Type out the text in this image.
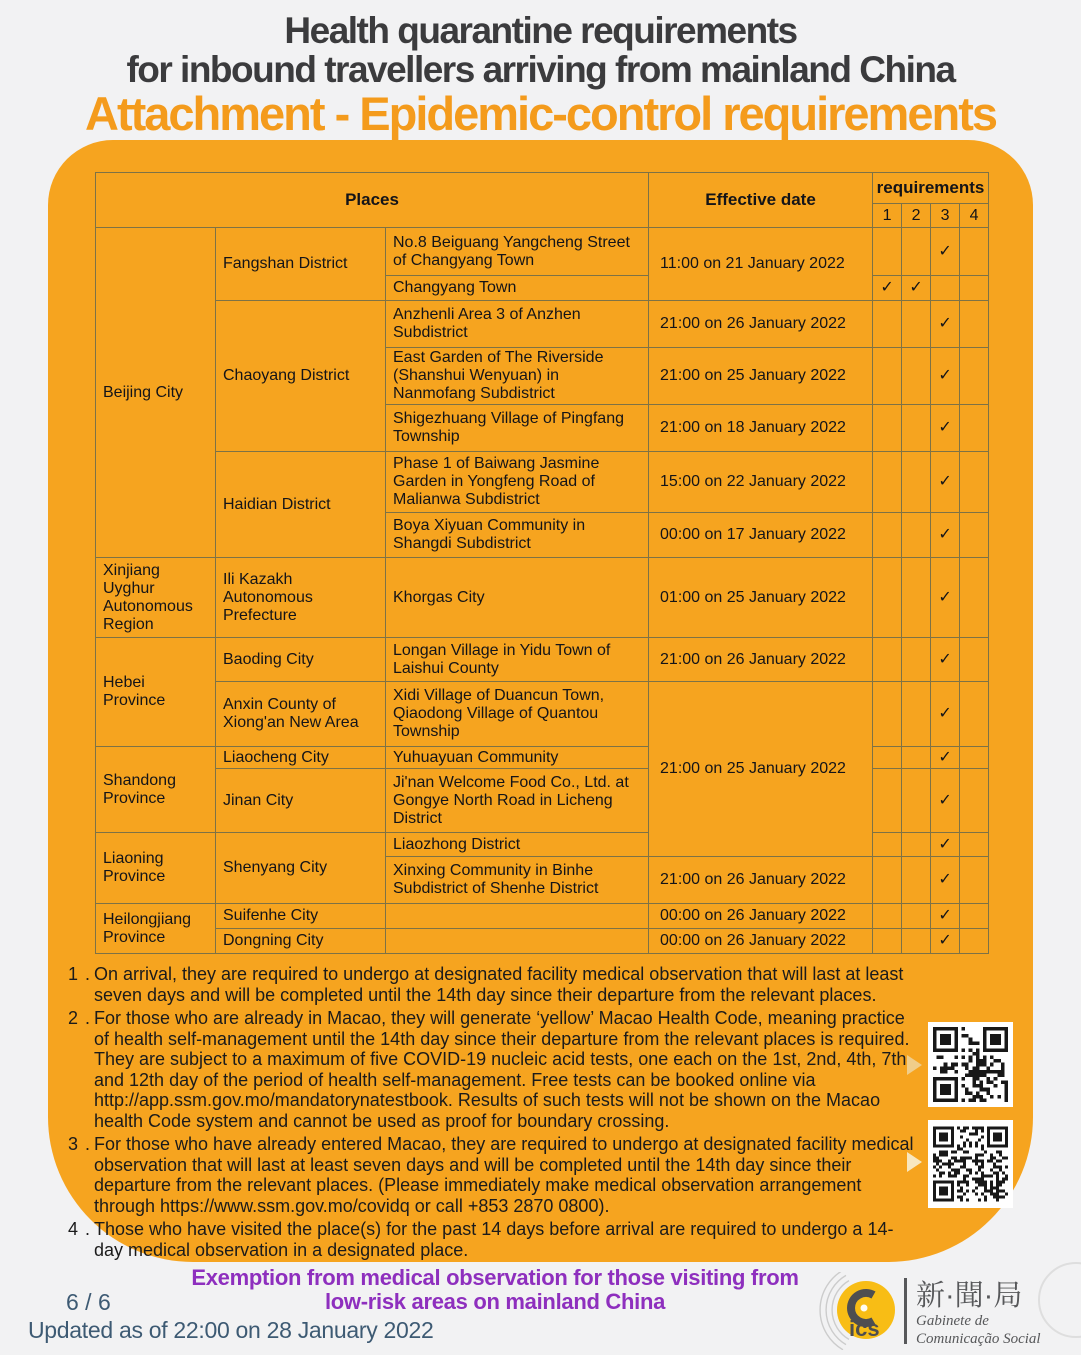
Health quarantine requirements
for inbound travellers arriving from mainland China
Attachment - Epidemic-control requirements
Places			Effective date	requirements			
				1	2	3	4
Beijing City	Fangshan District	No.8 Beiguang Yangcheng Street of Changyang Town	11:00 on 21 January 2022			✓	
		Changyang Town		✓	✓		
	Chaoyang District	Anzhenli Area 3 of Anzhen Subdistrict	21:00 on 26 January 2022			✓	
		East Garden of The Riverside (Shanshui Wenyuan) in Nanmofang Subdistrict	21:00 on 25 January 2022			✓	
		Shigezhuang Village of Pingfang Township	21:00 on 18 January 2022			✓	
	Haidian District	Phase 1 of Baiwang Jasmine Garden in Yongfeng Road of Malianwa Subdistrict	15:00 on 22 January 2022			✓	
		Boya Xiyuan Community in Shangdi Subdistrict	00:00 on 17 January 2022			✓	
Xinjiang Uyghur Autonomous Region	Ili Kazakh Autonomous Prefecture	Khorgas City	01:00 on 25 January 2022			✓	
Hebei Province	Baoding City	Longan Village in Yidu Town of Laishui County	21:00 on 26 January 2022			✓	
	Anxin County of Xiong'an New Area	Xidi Village of Duancun Town, Qiaodong Village of Quantou Township	21:00 on 25 January 2022			✓	
Shandong Province	Liaocheng City	Yuhuayuan Community				✓	
	Jinan City	Ji'nan Welcome Food Co., Ltd. at Gongye North Road in Licheng District				✓	
Liaoning Province	Shenyang City	Liaozhong District				✓	
		Xinxing Community in Binhe Subdistrict of Shenhe District	21:00 on 26 January 2022			✓	
Heilongjiang Province	Suifenhe City		00:00 on 26 January 2022			✓	
	Dongning City		00:00 on 26 January 2022			✓	
1 . On arrival, they are required to undergo at designated facility medical observation that will last at least seven days and will be completed until the 14th day since their departure from the relevant places.
2 . For those who are already in Macao, they will generate ‘yellow’ Macao Health Code, meaning practice of health self-management until the 14th day since their departure from the relevant places is required. They are subject to a maximum of five COVID-19 nucleic acid tests, one each on the 1st, 2nd, 4th, 7th, and 12th day of the period of health self-management. Free tests can be booked online via http://app.ssm.gov.mo/mandatorynatestbook. Results of such tests will not be shown on the Macao health Code system and cannot be used as proof for boundary crossing.
3 . For those who have already entered Macao, they are required to undergo at designated facility medical observation that will last at least seven days and will be completed until the 14th day since their departure from the relevant places. (Please immediately make medical observation arrangement through https://www.ssm.gov.mo/covidq or call +853 2870 0800).
4 . Those who have visited the place(s) for the past 14 days before arrival are required to undergo a 14-day medical observation in a designated place.
6 / 6
Updated as of 22:00 on 28 January 2022
Exemption from medical observation for those visiting from
low-risk areas on mainland China
ics
新·聞·局
Gabinete de
Comunicação Social
